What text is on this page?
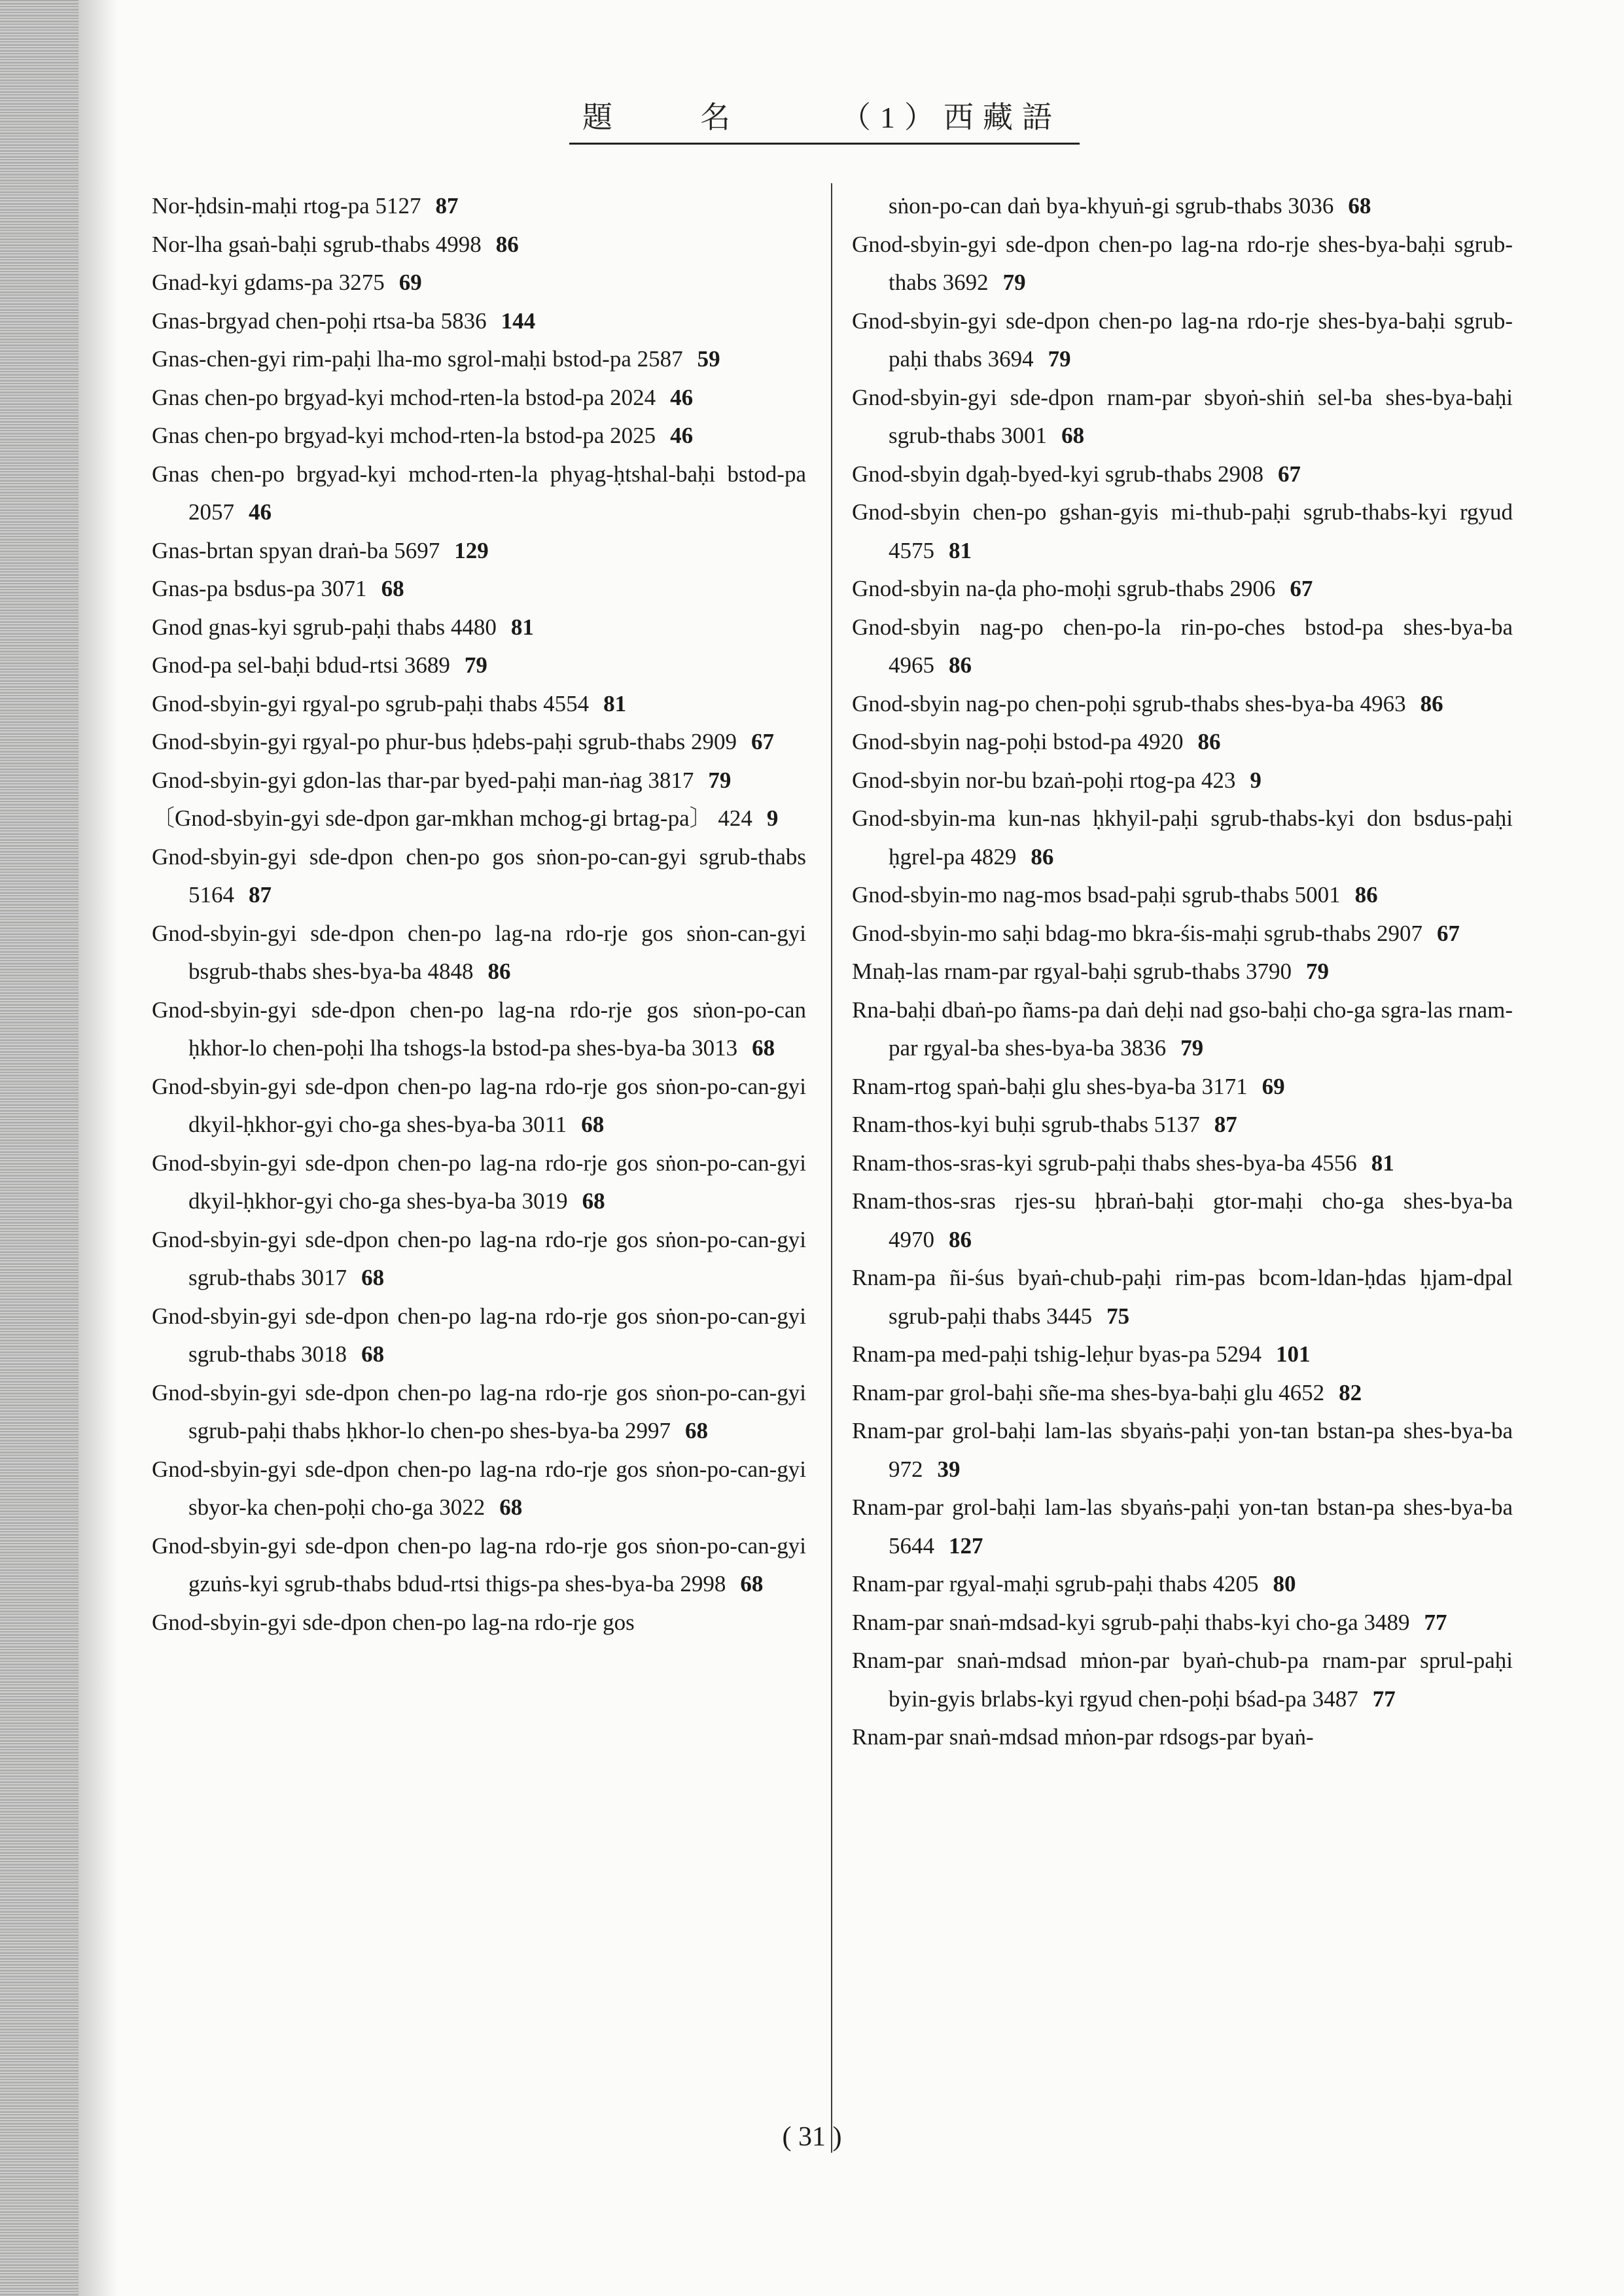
題	名	（1）西藏語
Nor-ḥdsin-maḥi rtog-pa 5127 87
Nor-lha gsaṅ-baḥi sgrub-thabs 4998 86
Gnad-kyi gdams-pa 3275 69
Gnas-brgyad chen-poḥi rtsa-ba 5836 144
Gnas-chen-gyi rim-paḥi lha-mo sgrol-maḥi bstod-pa 2587 59
Gnas chen-po brgyad-kyi mchod-rten-la bstod-pa 2024 46
Gnas chen-po brgyad-kyi mchod-rten-la bstod-pa 2025 46
Gnas chen-po brgyad-kyi mchod-rten-la phyag-ḥtshal-baḥi bstod-pa 2057 46
Gnas-brtan spyan draṅ-ba 5697 129
Gnas-pa bsdus-pa 3071 68
Gnod gnas-kyi sgrub-paḥi thabs 4480 81
Gnod-pa sel-baḥi bdud-rtsi 3689 79
Gnod-sbyin-gyi rgyal-po sgrub-paḥi thabs 4554 81
Gnod-sbyin-gyi rgyal-po phur-bus ḥdebs-paḥi sgrub-thabs 2909 67
Gnod-sbyin-gyi gdon-las thar-par byed-paḥi man-ṅag 3817 79
〔Gnod-sbyin-gyi sde-dpon gar-mkhan mchog-gi brtag-pa〕 424 9
Gnod-sbyin-gyi sde-dpon chen-po gos sṅon-po-can-gyi sgrub-thabs 5164 87
Gnod-sbyin-gyi sde-dpon chen-po lag-na rdo-rje gos sṅon-can-gyi bsgrub-thabs shes-bya-ba 4848 86
Gnod-sbyin-gyi sde-dpon chen-po lag-na rdo-rje gos sṅon-po-can ḥkhor-lo chen-poḥi lha tshogs-la bstod-pa shes-bya-ba 3013 68
Gnod-sbyin-gyi sde-dpon chen-po lag-na rdo-rje gos sṅon-po-can-gyi dkyil-ḥkhor-gyi cho-ga shes-bya-ba 3011 68
Gnod-sbyin-gyi sde-dpon chen-po lag-na rdo-rje gos sṅon-po-can-gyi dkyil-ḥkhor-gyi cho-ga shes-bya-ba 3019 68
Gnod-sbyin-gyi sde-dpon chen-po lag-na rdo-rje gos sṅon-po-can-gyi sgrub-thabs 3017 68
Gnod-sbyin-gyi sde-dpon chen-po lag-na rdo-rje gos sṅon-po-can-gyi sgrub-thabs 3018 68
Gnod-sbyin-gyi sde-dpon chen-po lag-na rdo-rje gos sṅon-po-can-gyi sgrub-paḥi thabs ḥkhor-lo chen-po shes-bya-ba 2997 68
Gnod-sbyin-gyi sde-dpon chen-po lag-na rdo-rje gos sṅon-po-can-gyi sbyor-ka chen-poḥi cho-ga 3022 68
Gnod-sbyin-gyi sde-dpon chen-po lag-na rdo-rje gos sṅon-po-can-gyi gzuṅs-kyi sgrub-thabs bdud-rtsi thigs-pa shes-bya-ba 2998 68
Gnod-sbyin-gyi sde-dpon chen-po lag-na rdo-rje gos
sṅon-po-can daṅ bya-khyuṅ-gi sgrub-thabs 3036 68
Gnod-sbyin-gyi sde-dpon chen-po lag-na rdo-rje shes-bya-baḥi sgrub-thabs 3692 79
Gnod-sbyin-gyi sde-dpon chen-po lag-na rdo-rje shes-bya-baḥi sgrub-paḥi thabs 3694 79
Gnod-sbyin-gyi sde-dpon rnam-par sbyoṅ-shiṅ sel-ba shes-bya-baḥi sgrub-thabs 3001 68
Gnod-sbyin dgaḥ-byed-kyi sgrub-thabs 2908 67
Gnod-sbyin chen-po gshan-gyis mi-thub-paḥi sgrub-thabs-kyi rgyud 4575 81
Gnod-sbyin na-ḍa pho-moḥi sgrub-thabs 2906 67
Gnod-sbyin nag-po chen-po-la rin-po-ches bstod-pa shes-bya-ba 4965 86
Gnod-sbyin nag-po chen-poḥi sgrub-thabs shes-bya-ba 4963 86
Gnod-sbyin nag-poḥi bstod-pa 4920 86
Gnod-sbyin nor-bu bzaṅ-poḥi rtog-pa 423 9
Gnod-sbyin-ma kun-nas ḥkhyil-paḥi sgrub-thabs-kyi don bsdus-paḥi ḥgrel-pa 4829 86
Gnod-sbyin-mo nag-mos bsad-paḥi sgrub-thabs 5001 86
Gnod-sbyin-mo saḥi bdag-mo bkra-śis-maḥi sgrub-thabs 2907 67
Mnaḥ-las rnam-par rgyal-baḥi sgrub-thabs 3790 79
Rna-baḥi dbaṅ-po ñams-pa daṅ deḥi nad gso-baḥi cho-ga sgra-las rnam-par rgyal-ba shes-bya-ba 3836 79
Rnam-rtog spaṅ-baḥi glu shes-bya-ba 3171 69
Rnam-thos-kyi buḥi sgrub-thabs 5137 87
Rnam-thos-sras-kyi sgrub-paḥi thabs shes-bya-ba 4556 81
Rnam-thos-sras rjes-su ḥbraṅ-baḥi gtor-maḥi cho-ga shes-bya-ba 4970 86
Rnam-pa ñi-śus byaṅ-chub-paḥi rim-pas bcom-ldan-ḥdas ḥjam-dpal sgrub-paḥi thabs 3445 75
Rnam-pa med-paḥi tshig-leḥur byas-pa 5294 101
Rnam-par grol-baḥi sñe-ma shes-bya-baḥi glu 4652 82
Rnam-par grol-baḥi lam-las sbyaṅs-paḥi yon-tan bstan-pa shes-bya-ba 972 39
Rnam-par grol-baḥi lam-las sbyaṅs-paḥi yon-tan bstan-pa shes-bya-ba 5644 127
Rnam-par rgyal-maḥi sgrub-paḥi thabs 4205 80
Rnam-par snaṅ-mdsad-kyi sgrub-paḥi thabs-kyi cho-ga 3489 77
Rnam-par snaṅ-mdsad mṅon-par byaṅ-chub-pa rnam-par sprul-paḥi byin-gyis brlabs-kyi rgyud chen-poḥi bśad-pa 3487 77
Rnam-par snaṅ-mdsad mṅon-par rdsogs-par byaṅ-
( 31 )
